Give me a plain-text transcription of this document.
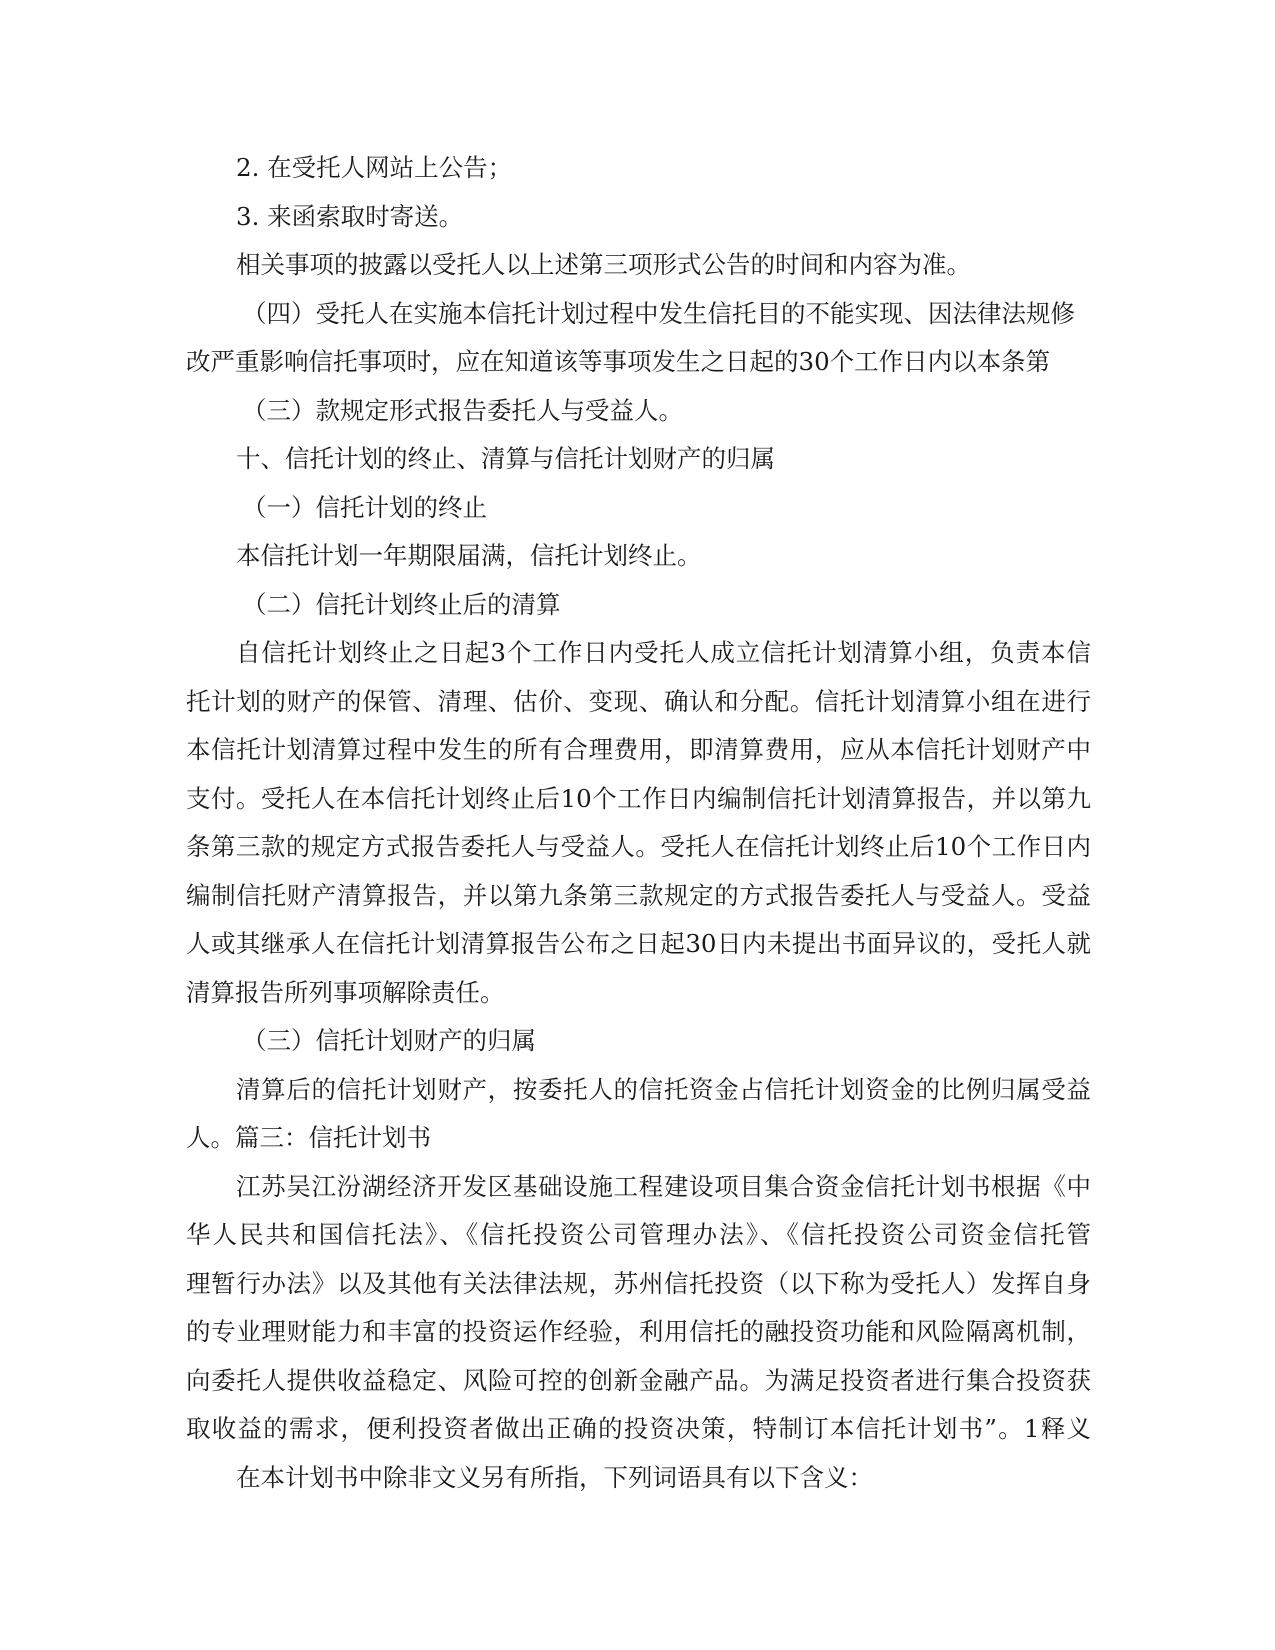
2. 在受托人网站上公告；
3. 来函索取时寄送。
相关事项的披露以受托人以上述第三项形式公告的时间和内容为准。
（四）受托人在实施本信托计划过程中发生信托目的不能实现、因法律法规修
改严重影响信托事项时，应在知道该等事项发生之日起的30个工作日内以本条第
（三）款规定形式报告委托人与受益人。
十、信托计划的终止、清算与信托计划财产的归属
（一）信托计划的终止
本信托计划一年期限届满，信托计划终止。
（二）信托计划终止后的清算
自信托计划终止之日起3个工作日内受托人成立信托计划清算小组，负责本信
托计划的财产的保管、清理、估价、变现、确认和分配。信托计划清算小组在进行
本信托计划清算过程中发生的所有合理费用，即清算费用，应从本信托计划财产中
支付。受托人在本信托计划终止后10个工作日内编制信托计划清算报告，并以第九
条第三款的规定方式报告委托人与受益人。受托人在信托计划终止后10个工作日内
编制信托财产清算报告，并以第九条第三款规定的方式报告委托人与受益人。受益
人或其继承人在信托计划清算报告公布之日起30日内未提出书面异议的，受托人就
清算报告所列事项解除责任。
（三）信托计划财产的归属
清算后的信托计划财产，按委托人的信托资金占信托计划资金的比例归属受益
人。篇三：信托计划书
江苏吴江汾湖经济开发区基础设施工程建设项目集合资金信托计划书根据《中
华人民共和国信托法》、《信托投资公司管理办法》、《信托投资公司资金信托管
理暂行办法》以及其他有关法律法规，苏州信托投资（以下称为受托人）发挥自身
的专业理财能力和丰富的投资运作经验，利用信托的融投资功能和风险隔离机制，
向委托人提供收益稳定、风险可控的创新金融产品。为满足投资者进行集合投资获
取收益的需求，便利投资者做出正确的投资决策，特制订本信托计划书”。1释义
在本计划书中除非文义另有所指，下列词语具有以下含义：
